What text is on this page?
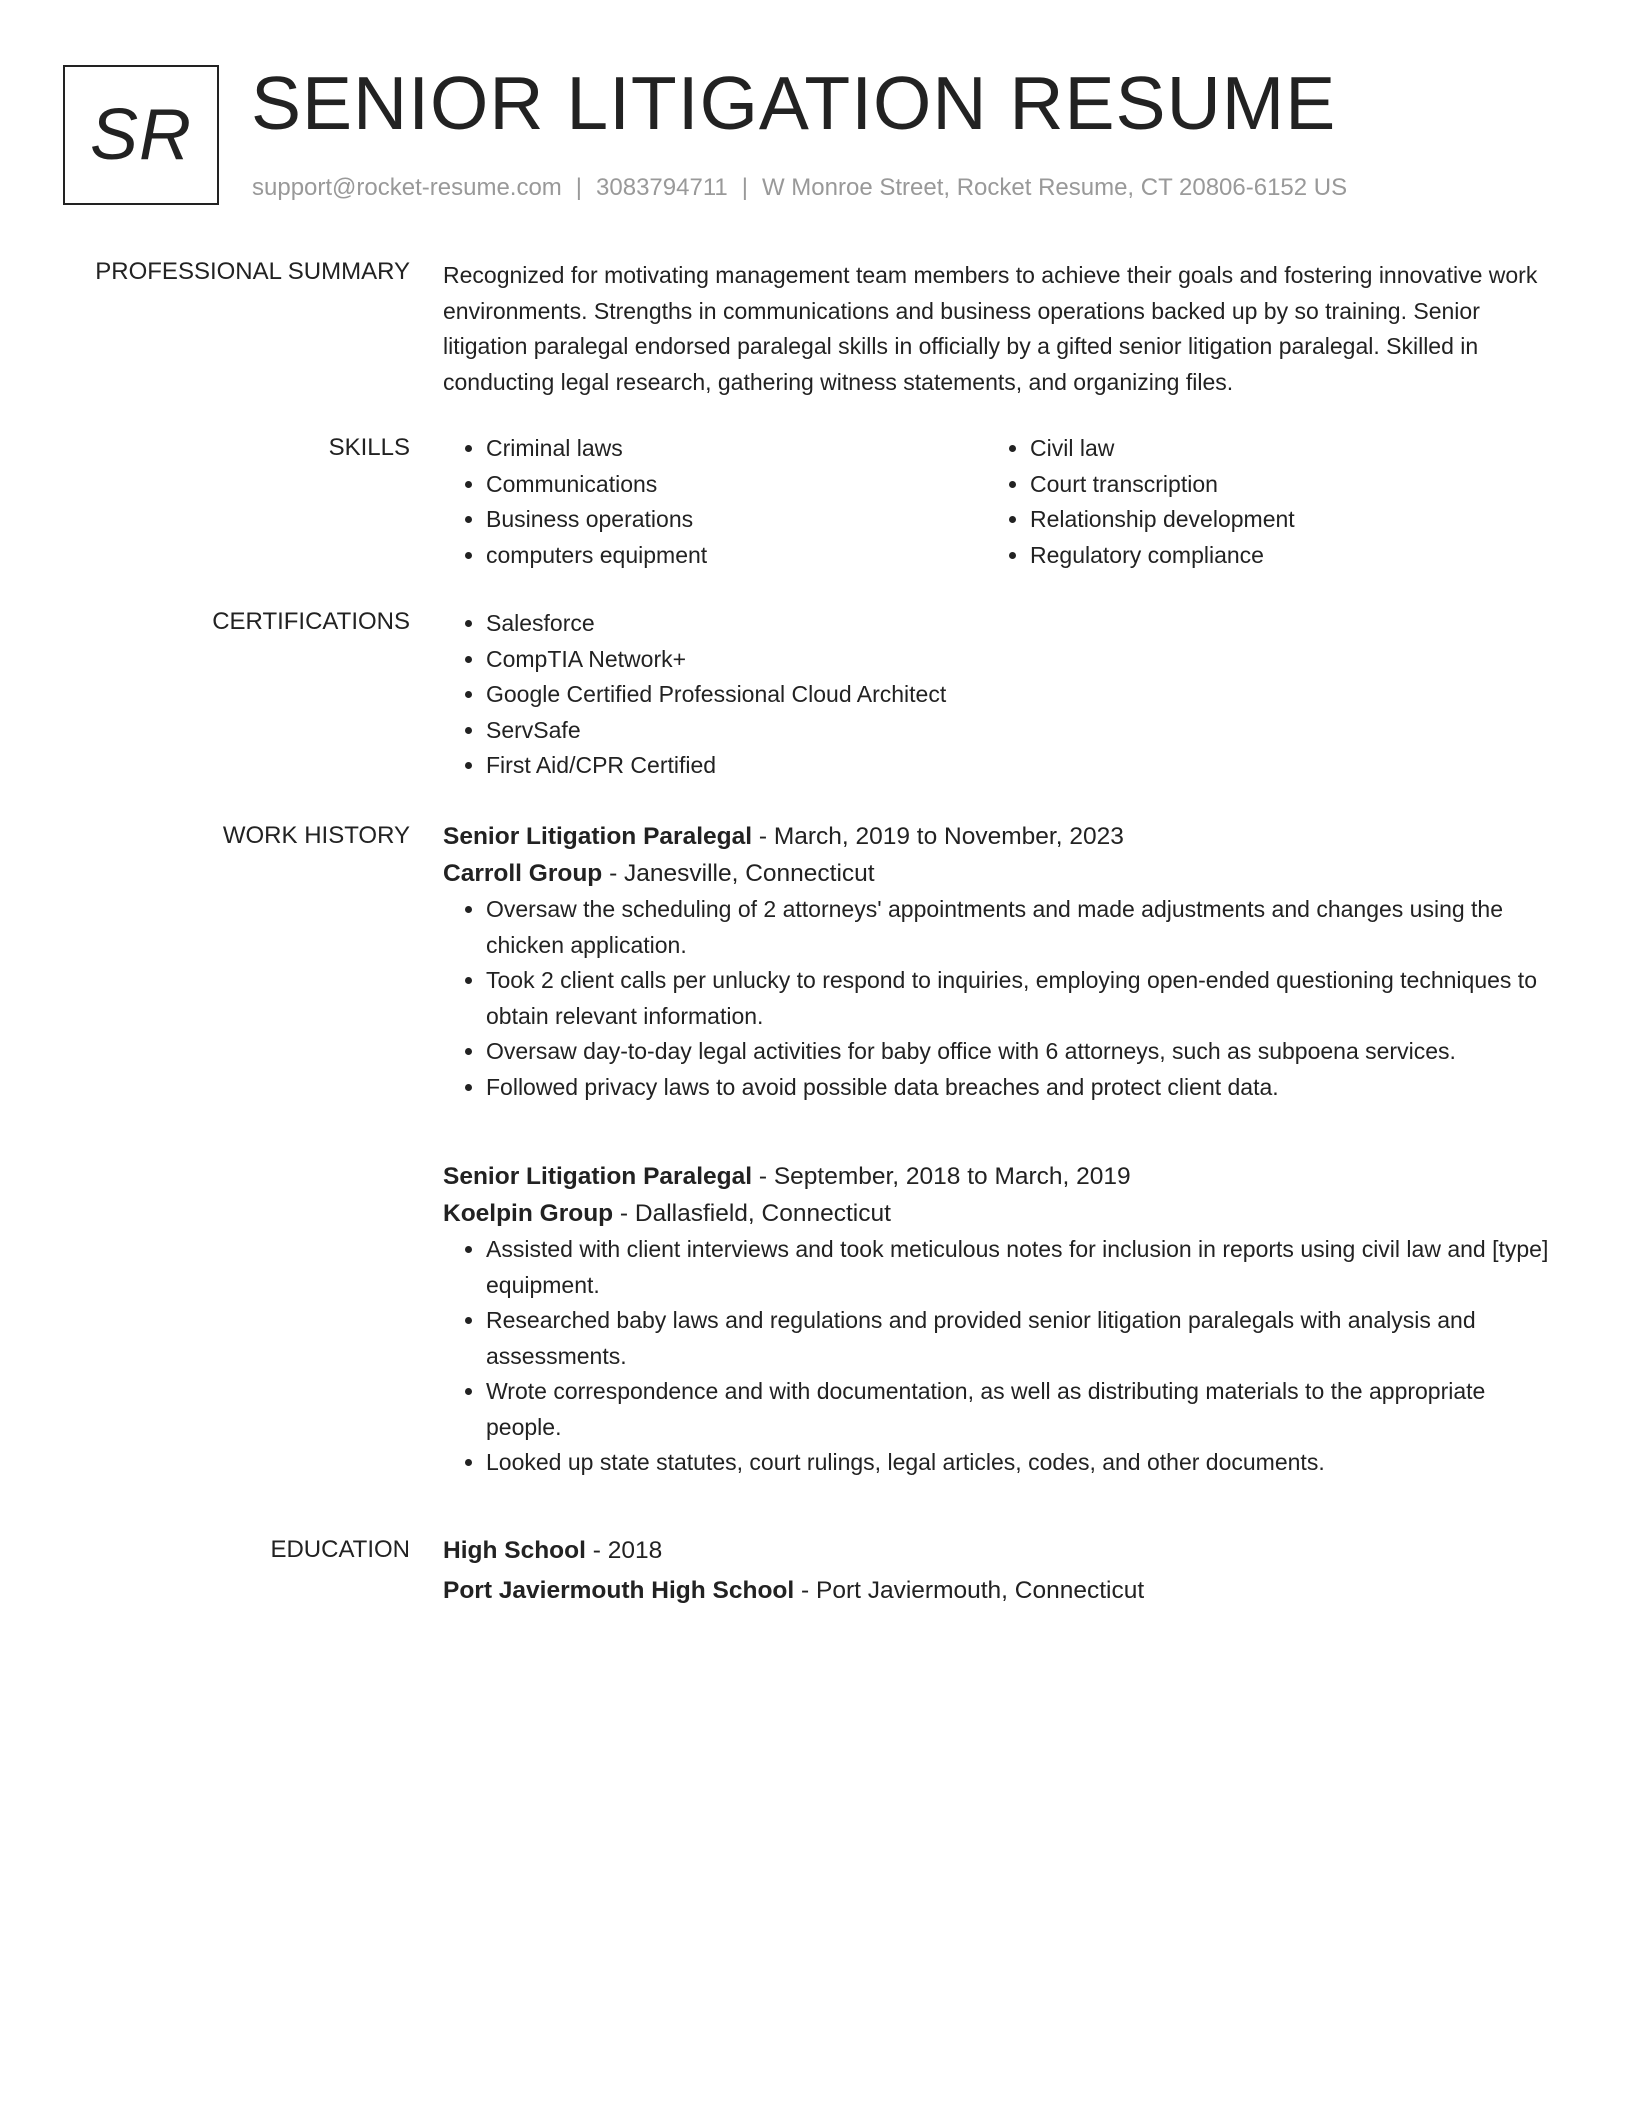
SR SENIOR LITIGATION RESUME
support@rocket-resume.com | 3083794711 | W Monroe Street, Rocket Resume, CT 20806-6152 US
PROFESSIONAL SUMMARY Recognized for motivating management team members to achieve their goals and fostering innovative work environments. Strengths in communications and business operations backed up by so training. Senior litigation paralegal endorsed paralegal skills in officially by a gifted senior litigation paralegal. Skilled in conducting legal research, gathering witness statements, and organizing files.

SKILLS	• Criminal laws
• Communications
• Business operations
• computers equipment
• Civil law
• Court transcription
• Relationship development
• Regulatory compliance
CERTIFICATIONS	• Salesforce
• CompTIA Network+
• Google Certified Professional Cloud Architect
• ServSafe
• First Aid/CPR Certified
WORK HISTORY Senior Litigation Paralegal - March, 2019 to November, 2023
Carroll Group - Janesville, Connecticut
• Oversaw the scheduling of 2 attorneys' appointments and made adjustments and changes using the chicken application.
• Took 2 client calls per unlucky to respond to inquiries, employing open-ended questioning techniques to obtain relevant information.
• Oversaw day-to-day legal activities for baby office with 6 attorneys, such as subpoena services.
• Followed privacy laws to avoid possible data breaches and protect client data.
Senior Litigation Paralegal - September, 2018 to March, 2019
Koelpin Group - Dallasfield, Connecticut
• Assisted with client interviews and took meticulous notes for inclusion in reports using civil law and [type] equipment.
• Researched baby laws and regulations and provided senior litigation paralegals with analysis and assessments.
• Wrote correspondence and with documentation, as well as distributing materials to the appropriate people.
• Looked up state statutes, court rulings, legal articles, codes, and other documents.
EDUCATION High School - 2018
Port Javiermouth High School - Port Javiermouth, Connecticut
